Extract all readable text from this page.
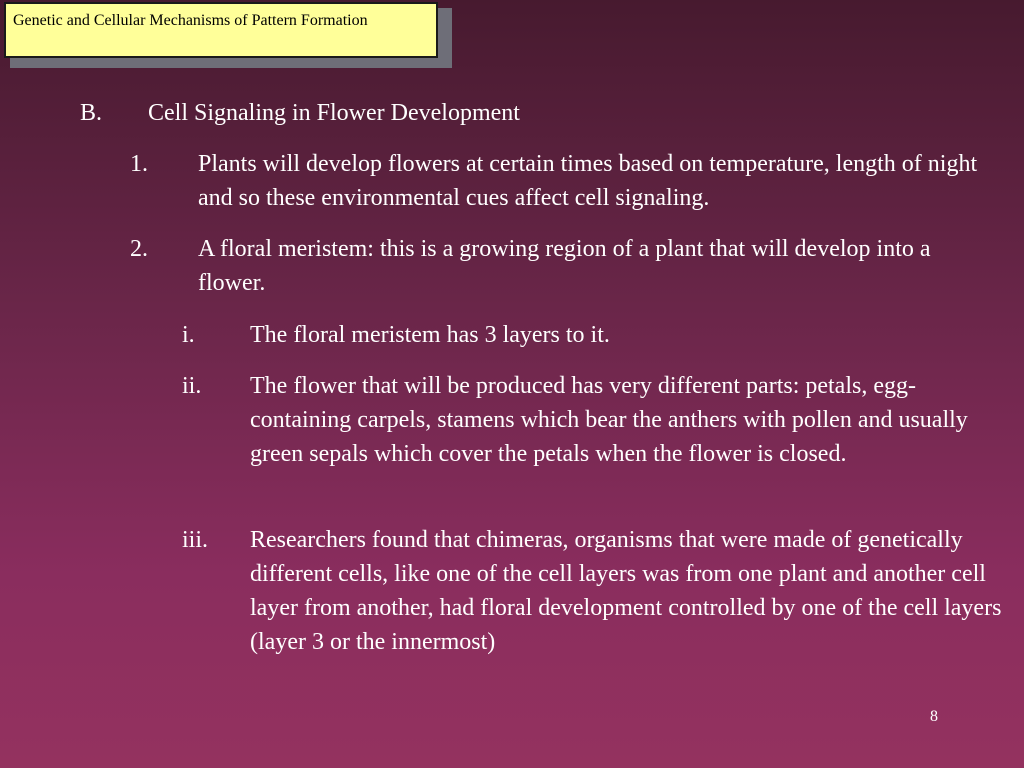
Genetic and Cellular Mechanisms of Pattern Formation
B. Cell Signaling in Flower Development
1. Plants will develop flowers at certain times based on temperature, length of night and so these environmental cues affect cell signaling.
2. A floral meristem: this is a growing region of a plant that will develop into a flower.
i. The floral meristem has 3 layers to it.
ii. The flower that will be produced has very different parts: petals, egg-containing carpels, stamens which bear the anthers with pollen and usually green sepals which cover the petals when the flower is closed.
iii. Researchers found that chimeras, organisms that were made of genetically different cells, like one of the cell layers was from one plant and another cell layer from another, had floral development controlled by one of the cell layers (layer 3 or the innermost)
8
